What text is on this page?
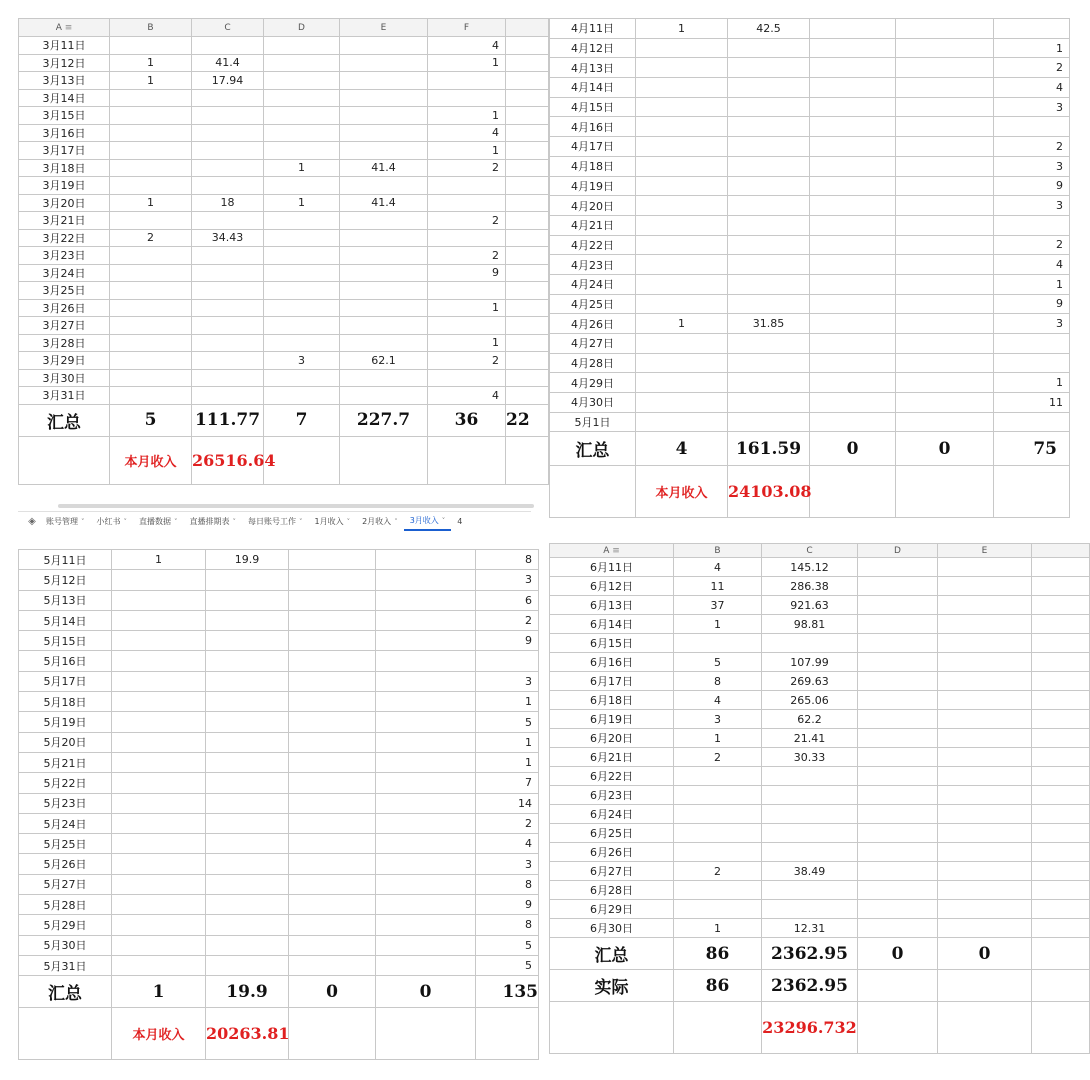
A ≡	B	C	D	E	F	
3月11日					4	
3月12日	1	41.4			1	
3月13日	1	17.94				
3月14日						
3月15日					1	
3月16日					4	
3月17日					1	
3月18日			1	41.4	2	
3月19日						
3月20日	1	18	1	41.4		
3月21日					2	
3月22日	2	34.43				
3月23日					2	
3月24日					9	
3月25日						
3月26日					1	
3月27日						
3月28日					1	
3月29日			3	62.1	2	
3月30日						
3月31日					4	
汇总	5	111.77	7	227.7	36	22
	本月收入	26516.64				
◈	账号管理 ˅ 小红书 ˅ 直播数据 ˅ 直播排期表 ˅ 每日账号工作 ˅ 1月收入 ˅ 2月收入 ˅ 3月收入 ˅ 4
4月11日	1	42.5			
4月12日					1
4月13日					2
4月14日					4
4月15日					3
4月16日					
4月17日					2
4月18日					3
4月19日					9
4月20日					3
4月21日					
4月22日					2
4月23日					4
4月24日					1
4月25日					9
4月26日	1	31.85			3
4月27日					
4月28日					
4月29日					1
4月30日					11
5月1日					
汇总	4	161.59	0	0	75
	本月收入	24103.08			
5月11日	1	19.9			8
5月12日					3
5月13日					6
5月14日					2
5月15日					9
5月16日					
5月17日					3
5月18日					1
5月19日					5
5月20日					1
5月21日					1
5月22日					7
5月23日					14
5月24日					2
5月25日					4
5月26日					3
5月27日					8
5月28日					9
5月29日					8
5月30日					5
5月31日					5
汇总	1	19.9	0	0	135
	本月收入	20263.81			
A ≡	B	C	D	E	
6月11日	4	145.12			
6月12日	11	286.38			
6月13日	37	921.63			
6月14日	1	98.81			
6月15日					
6月16日	5	107.99			
6月17日	8	269.63			
6月18日	4	265.06			
6月19日	3	62.2			
6月20日	1	21.41			
6月21日	2	30.33			
6月22日					
6月23日					
6月24日					
6月25日					
6月26日					
6月27日	2	38.49			
6月28日					
6月29日					
6月30日	1	12.31			
汇总	86	2362.95	0	0	
实际	86	2362.95			
		23296.732			
